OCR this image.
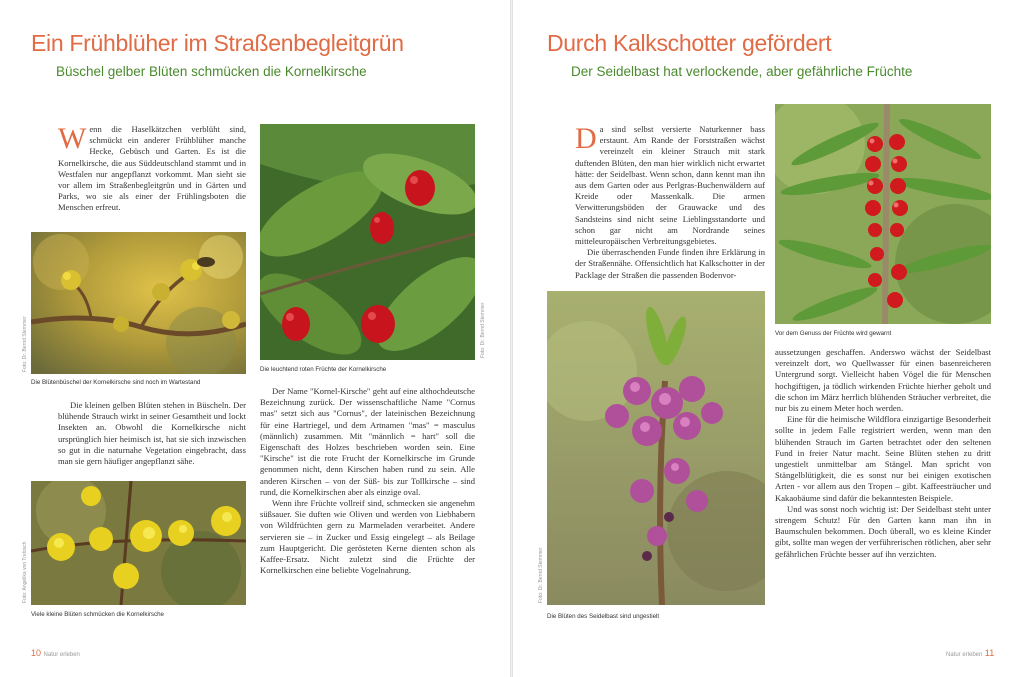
Ein Frühblüher im Straßenbegleitgrün
Büschel gelber Blüten schmücken die Kornelkirsche

Wenn die Haselkätzchen verblüht sind, schmückt ein anderer Frühblüher manche Hecke, Gebüsch und Garten. Es ist die Kornelkirsche, die aus Süddeutschland stammt und in Westfalen nur angepflanzt vorkommt. Man sieht sie vor allem im Straßenbegleitgrün und in Gärten und Parks, wo sie als einer der Frühlingsboten die Menschen erfreut.

Foto: Dr. Bernd Stemmer
Die Blütenbüschel der Kornelkirsche sind noch im Wartestand

Die kleinen gelben Blüten stehen in Büscheln. Der blühende Strauch wirkt in seiner Gesamtheit und lockt Insekten an. Obwohl die Kornelkirsche nicht ursprünglich hier heimisch ist, hat sie sich inzwischen so gut in die naturnahe Vegetation eingebracht, dass man sie gern häufiger angepflanzt sähe.

Foto: Angelika von Trebisch
Viele kleine Blüten schmücken die Kornelkirsche
Foto: Dr. Bernd Stemmer
Die leuchtend roten Früchte der Kornelkirsche

Der Name "Kornel-Kirsche" geht auf eine althochdeutsche Bezeichnung zurück. Der wissenschaftliche Name "Cornus mas" setzt sich aus "Cornus", der lateinischen Bezeichnung für eine Hartriegel, und dem Artnamen "mas" = masculus (männlich) zusammen. Mit "männlich = hart" soll die Eigenschaft des Holzes beschrieben worden sein. Eine "Kirsche" ist die rote Frucht der Kornelkirsche im Grunde genommen nicht, denn Kirschen haben rund zu sein. Alle anderen Kirschen – von der Süß- bis zur Tollkirsche – sind rund, die Kornelkirschen aber als einzige oval.

Wenn ihre Früchte vollreif sind, schmecken sie angenehm süßsauer. Sie duften wie Oliven und werden von Liebhabern von Wildfrüchten gern zu Marmeladen verarbeitet. Andere servieren sie – in Zucker und Essig eingelegt – als Beilage zum Hauptgericht. Die gerösteten Kerne dienten schon als Kaffee-Ersatz. Nicht zuletzt sind die Früchte der Kornelkirschen eine beliebte Vogelnahrung.

10 Natur erleben
Durch Kalkschotter gefördert
Der Seidelbast hat verlockende, aber gefährliche Früchte

Da sind selbst versierte Naturkenner bass erstaunt. Am Rande der Forststraßen wächst vereinzelt ein kleiner Strauch mit stark duftenden Blüten, den man hier wirklich nicht erwartet hätte: der Seidelbast. Wenn schon, dann kennt man ihn aus dem Garten oder aus Perlgras-Buchenwäldern auf Kreide oder Massenkalk. Die armen Verwitterungsböden der Grauwacke und des Sandsteins sind nicht seine Lieblingsstandorte und schon gar nicht am Nordrande seines mitteleuropäischen Verbreitungsgebietes.

Die überraschenden Funde finden ihre Erklärung in der Straßennähe. Offensichtlich hat Kalkschotter in der Packlage der Straßen die passenden Bodenvor-

Foto: Dr. Bernd Stemmer
Die Blüten des Seidelbast sind ungestielt
Vor dem Genuss der Früchte wird gewarnt

aussetzungen geschaffen. Anderswo wächst der Seidelbast vereinzelt dort, wo Quellwasser für einen basenreicheren Untergrund sorgt. Vielleicht haben Vögel die für Menschen hochgiftigen, ja tödlich wirkenden Früchte hierher geholt und die schon im März herrlich blühenden Sträucher verbreitet, die nur bis zu einem Meter hoch werden.

Eine für die heimische Wildflora einzigartige Besonderheit sollte in jedem Falle registriert werden, wenn man den blühenden Strauch im Garten betrachtet oder den seltenen Fund in freier Natur macht. Seine Blüten stehen zu dritt ungestielt unmittelbar am Stängel. Man spricht von Stängelblütigkeit, die es sonst nur bei einigen exotischen Arten - vor allem aus den Tropen – gibt. Kaffeesträucher und Kakaobäume sind dafür die bekanntesten Beispiele.

Und was sonst noch wichtig ist: Der Seidelbast steht unter strengem Schutz! Für den Garten kann man ihn in Baumschulen bekommen. Doch überall, wo es kleine Kinder gibt, sollte man wegen der verführerischen rötlichen, aber sehr gefährlichen Früchte besser auf ihn verzichten.

Natur erleben 11
